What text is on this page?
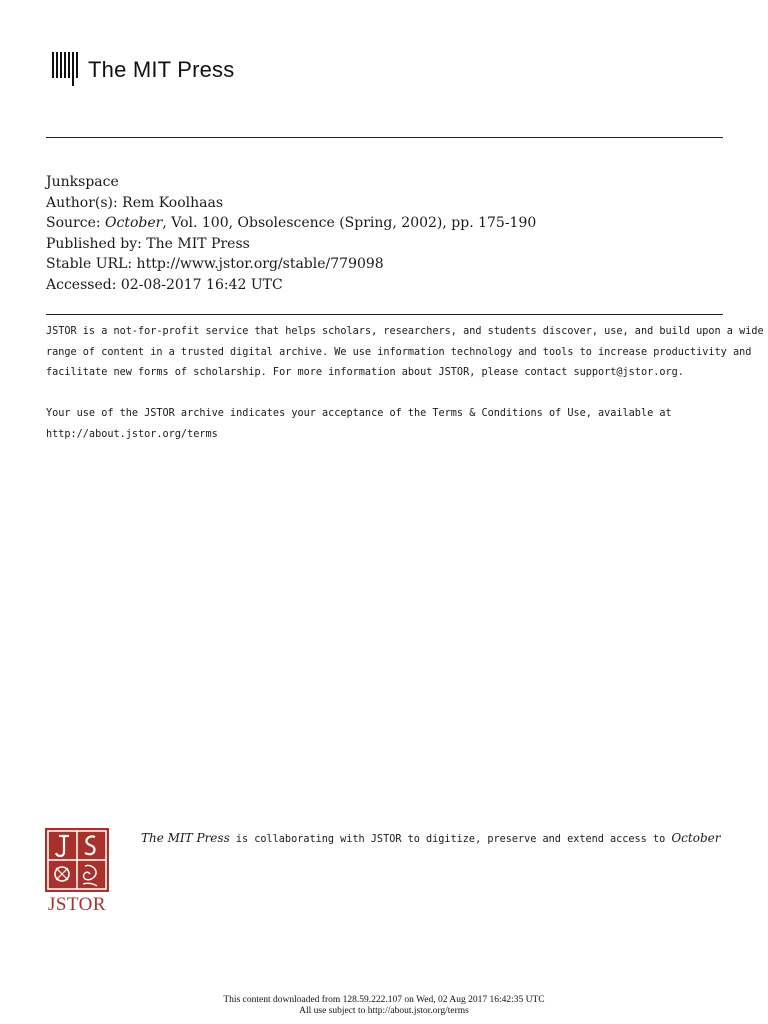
The MIT Press
Junkspace
Author(s): Rem Koolhaas
Source: October, Vol. 100, Obsolescence (Spring, 2002), pp. 175-190
Published by: The MIT Press
Stable URL: http://www.jstor.org/stable/779098
Accessed: 02-08-2017 16:42 UTC

JSTOR is a not-for-profit service that helps scholars, researchers, and students discover, use, and build upon a wide
range of content in a trusted digital archive. We use information technology and tools to increase productivity and
facilitate new forms of scholarship. For more information about JSTOR, please contact support@jstor.org.

Your use of the JSTOR archive indicates your acceptance of the Terms & Conditions of Use, available at
http://about.jstor.org/terms

JSTOR
The MIT Press is collaborating with JSTOR to digitize, preserve and extend access to October
This content downloaded from 128.59.222.107 on Wed, 02 Aug 2017 16:42:35 UTC
All use subject to http://about.jstor.org/terms
